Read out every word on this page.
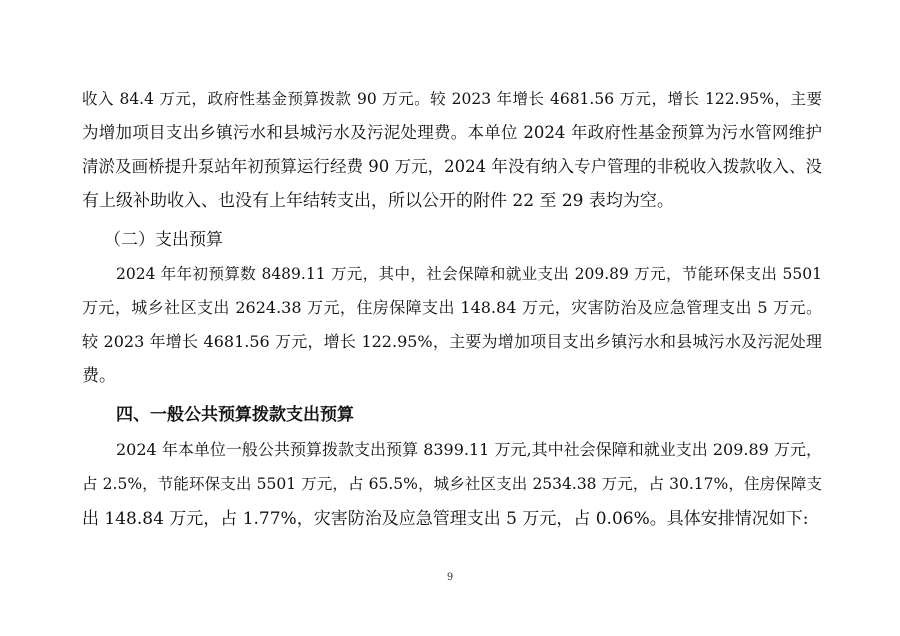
收入 84.4 万元，政府性基金预算拨款 90 万元。较 2023 年增长 4681.56 万元，增长 122.95%，主要
为增加项目支出乡镇污水和县城污水及污泥处理费。本单位 2024 年政府性基金预算为污水管网维护
清淤及画桥提升泵站年初预算运行经费 90 万元，2024 年没有纳入专户管理的非税收入拨款收入、没
有上级补助收入、也没有上年结转支出，所以公开的附件 22 至 29 表均为空。
（二）支出预算
2024 年年初预算数 8489.11 万元，其中，社会保障和就业支出 209.89 万元，节能环保支出 5501
万元，城乡社区支出 2624.38 万元，住房保障支出 148.84 万元，灾害防治及应急管理支出 5 万元。
较 2023 年增长 4681.56 万元，增长 122.95%，主要为增加项目支出乡镇污水和县城污水及污泥处理
费。
四、一般公共预算拨款支出预算
2024 年本单位一般公共预算拨款支出预算 8399.11 万元,其中社会保障和就业支出 209.89 万元，
占 2.5%，节能环保支出 5501 万元，占 65.5%，城乡社区支出 2534.38 万元，占 30.17%，住房保障支
出 148.84 万元，占 1.77%，灾害防治及应急管理支出 5 万元，占 0.06%。具体安排情况如下:
9
